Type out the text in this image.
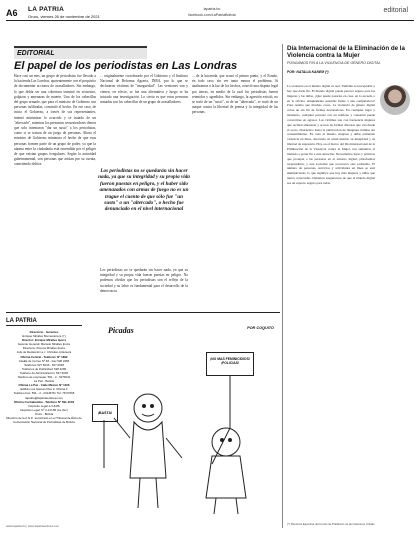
A6 LA PATRIA
Oruro, viernes 26 de noviembre de 2021
lapatria.bo
facebook.com/LaPatriaBolivia
editorial
EDITORIAL
El papel de los periodistas en Las Londras

Hace casi un mes, un grupo de periodistas fue llevado a la hacienda Las Londras, aparentemente con el propósito de documentar acciones de avasalladores. Sin embargo, lo que debía ser una cobertura terminó en secuestro, golpizas y amenazas de muerte. Uno de los cabecillas del grupo armado, que para el ministro de Gobierno son personas infiltradas, consintió el hecho. En ese caso, de inicio el Gobierno, a través de sus representantes, intentó minimizar lo ocurrido y se tratado de un "altercado", mientras los presuntos secuestradores dieron que solo intentaron "dar un susto" a los periodistas, como si se tratara de un juego de personas. Ahora el ministro de Gobierno minimiza el hecho de que esas personas formen parte de un grupo de poder, ya que la alarma entre la ciudadanía está encendida por el peligro de que existan grupos irregulares. Según la autoridad gubernamental, son personas que actúan por su cuenta, cometiendo delitos.

... originalmente corroborado por el Gobierno y el Instituto Nacional de Reforma Agraria, INRA, por lo que se declararon víctimas de "inseguridad". Las versiones van y vienen, en efecto, se fue una alternativa y luego se ha iniciado una investigación. Lo cierto es que estas personas armadas son los cabecillas de un grupo de avasalladores.

Los periodistas no se quedarán sin hacer nada, ya que su integridad y su propia vida fueron puestas en peligro, y el haber sido amenazados con armas de fuego no es un trague el cuento de que sólo fue "un susto" o un "altercado", o hecho fue denunciado en el nivel internacional

Los periodistas no se quedarán sin hacer nada, ya que su integridad y su propia vida fueron puestas en peligro. No podemos olvidar que los periodistas son el reflejo de la sociedad y su labor es fundamental para el desarrollo de la democracia.

... de la hacienda, que acusó el primer punto, y el Estado, en todo caso, sin ver tanto menos el problema. Si analizamos a la luz de los hechos, ocurrió una disputa legal por tierras, en medio de la cual los periodistas fueron retenidos y agredidos. Sin embargo, la agresión existió, no se trató de un "susto", ni de un "altercado", se trató de un ataque contra la libertad de prensa y la integridad de las personas.

Día Internacional de la Eliminación de la Violencia contra la Mujer
PONGAMOS FIN A LA VIOLENCIA DE GÉNERO DIGITAL
POR: NATALIA KANEM (*)

La violencia en el mundo digital es real. También es inaceptable y hay que darle fin. El mundo digital puede parecer seguro para las mujeres y las niñas, ¿Qué puede pasarles en casa, en la escuela o en la oficina, simplemente sentadas frente a una computadora? Pues resulta que muchas cosas. La violencia de género digital cobra un sin fin de formas devastadoras. En cualquier lugar y momento, cualquier persona con un teléfono y conexión puede convertirse en agresor. Las víctimas son con frecuencia mujeres que reciben amenazas y acosos de formas diversas que van desde el acoso cibernético hasta la publicación de imágenes íntimas sin consentimiento. En todo el mundo, mujeres y niñas enfrentan violencia en línea, afectando su salud mental, su integridad y su libertad de expresión. Hoy, en el marco del Día Internacional de la Eliminación de la Violencia contra la Mujer, nos sumamos al llamado a poner fin a esta situación. Necesitamos leyes y políticas que protejan a las personas en el entorno digital, plataformas responsables, y una sociedad que reconozca este problema. El número de personas, servicios y actividades en línea se está multiplicando; lo que significa que hay más mujeres y niñas que nunca conectadas. Debemos asegurarnos de que el mundo digital sea un espacio seguro para todas.

(*) Directora Ejecutiva del Fondo de Población de las Naciones Unidas
LA PATRIA
Directorio - Gerentes
Enrique Miralles Bonnecarrere (†)
Director: Enrique Miralles Iporre
Gerente General: Marcelo Miralles Iporre
Directora: Ximena Miralles Iporre
Jefe de Redacción a.i.: Christian Artieneza
Oficina Central - Teléfono: Nº 1892
Casilla de Correo Nº 48 - Fax 528 2256
Teléfonos 527 6046 - 527 6048
Teléfonos de Publicidad: 528 2299
Teléfono de Administración: 527 6046
Teléfono de empresas: 591 - 2 - 5276041
La Paz - Bolivia
Oficina La Paz - Calle México Nº 1406
Edificio Los Sauces Piso 2, Oficina 4
Teléfono Fax: 591 - 2 - 2314678 / Tel: 78 67665
lapatria@lapatriaenlinea.com
Oficina Cochabamba - Teléfono Nº 591-4503
Depósito Legal 4-3-8-86
Depósito Legal: Nº 4-3-8-86 (La Vez)
Oruro - Bolivia
Miembro de la A.N.P., autorizado en el Tribunal de Ética de la Asociación Nacional de Periodistas de Bolivia
www.lapatria.bo | www.lapatriaenlinea.com
Picadas	POR COQUITO
¡NO MAS FEMINICIDIOS! ¡POLICIAS!
¡BASTA!
